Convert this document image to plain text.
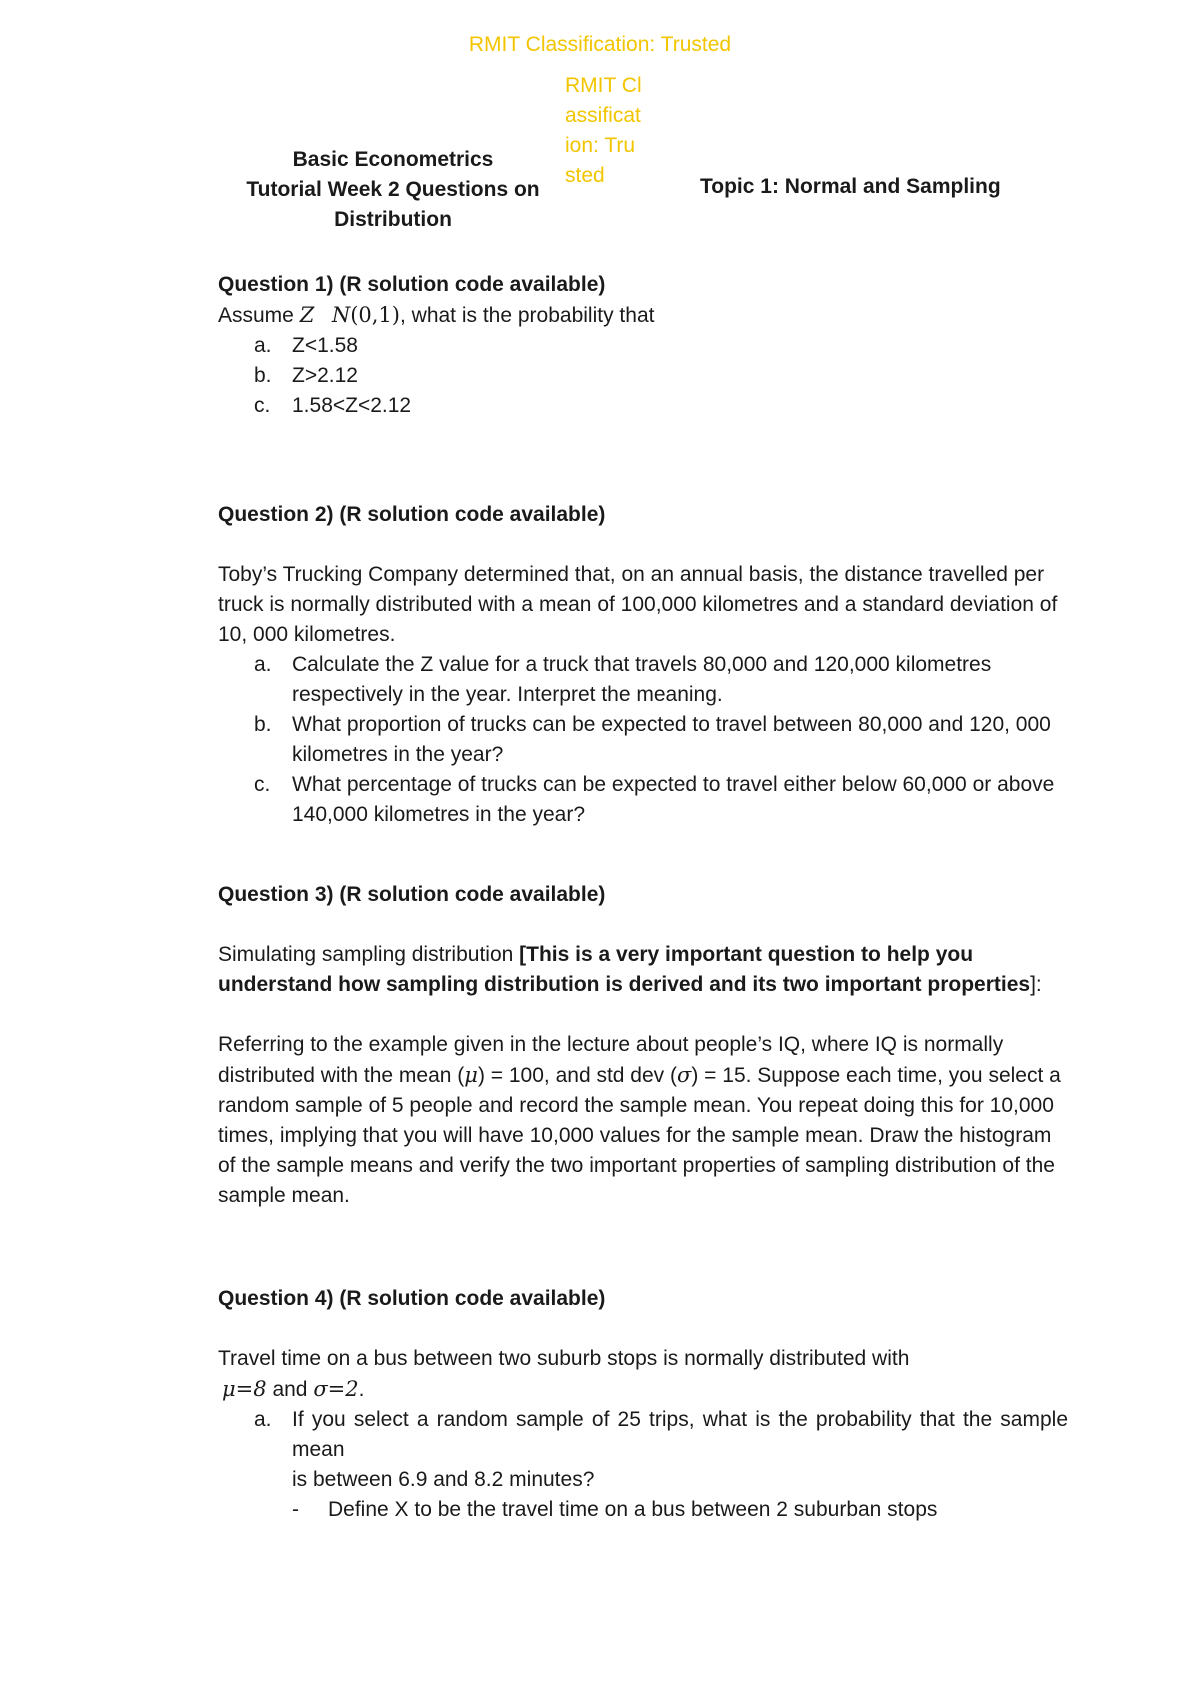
RMIT Classification: Trusted
RMIT Classification: Trusted
Basic Econometrics
Tutorial Week 2 Questions on
Distribution
Topic 1: Normal and Sampling
Question 1) (R solution code available)
Assume Z N(0,1), what is the probability that
a. Z<1.58
b. Z>2.12
c. 1.58<Z<2.12
Question 2) (R solution code available)
Toby’s Trucking Company determined that, on an annual basis, the distance travelled per truck is normally distributed with a mean of 100,000 kilometres and a standard deviation of 10, 000 kilometres.
a. Calculate the Z value for a truck that travels 80,000 and 120,000 kilometres respectively in the year. Interpret the meaning.
b. What proportion of trucks can be expected to travel between 80,000 and 120, 000 kilometres in the year?
c. What percentage of trucks can be expected to travel either below 60,000 or above 140,000 kilometres in the year?
Question 3) (R solution code available)
Simulating sampling distribution [This is a very important question to help you understand how sampling distribution is derived and its two important properties]:
Referring to the example given in the lecture about people’s IQ, where IQ is normally distributed with the mean (μ) = 100, and std dev (σ) = 15. Suppose each time, you select a random sample of 5 people and record the sample mean. You repeat doing this for 10,000 times, implying that you will have 10,000 values for the sample mean. Draw the histogram of the sample means and verify the two important properties of sampling distribution of the sample mean.
Question 4) (R solution code available)
Travel time on a bus between two suburb stops is normally distributed with
μ=8 and σ=2.
a. If you select a random sample of 25 trips, what is the probability that the sample mean
is between 6.9 and 8.2 minutes?
- Define X to be the travel time on a bus between 2 suburban stops
